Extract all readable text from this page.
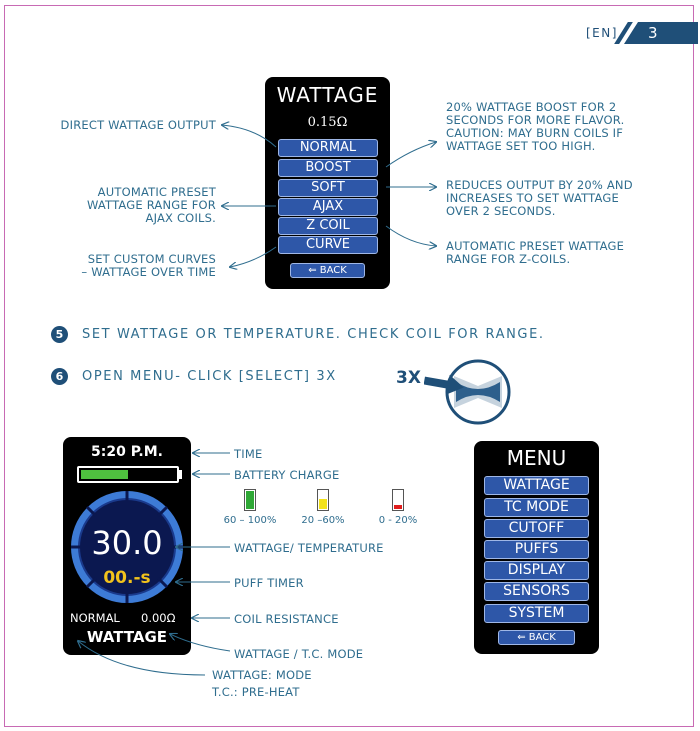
[EN] 3
WATTAGE
0.15Ω
NORMAL
BOOST
SOFT
AJAX
Z COIL
CURVE
⇐ BACK
DIRECT WATTAGE OUTPUT
AUTOMATIC PRESET
WATTAGE RANGE FOR
AJAX COILS.
SET CUSTOM CURVES
– WATTAGE OVER TIME
20% WATTAGE BOOST FOR 2
SECONDS FOR MORE FLAVOR.
CAUTION: MAY BURN COILS IF
WATTAGE SET TOO HIGH.
REDUCES OUTPUT BY 20% AND
INCREASES TO SET WATTAGE
OVER 2 SECONDS.
AUTOMATIC PRESET WATTAGE
RANGE FOR Z-COILS.
5	SET WATTAGE OR TEMPERATURE. CHECK COIL FOR RANGE.
6	OPEN MENU- CLICK [SELECT] 3X	3X
5:20 P.M.
30.0
00.-s
NORMAL 0.00Ω
WATTAGE
TIME
BATTERY CHARGE
WATTAGE/ TEMPERATURE
PUFF TIMER
COIL RESISTANCE
WATTAGE / T.C. MODE
WATTAGE: MODE
T.C.: PRE-HEAT
60 – 100%	20 –60%	0 - 20%
MENU
WATTAGE
TC MODE
CUTOFF
PUFFS
DISPLAY
SENSORS
SYSTEM
⇐ BACK
